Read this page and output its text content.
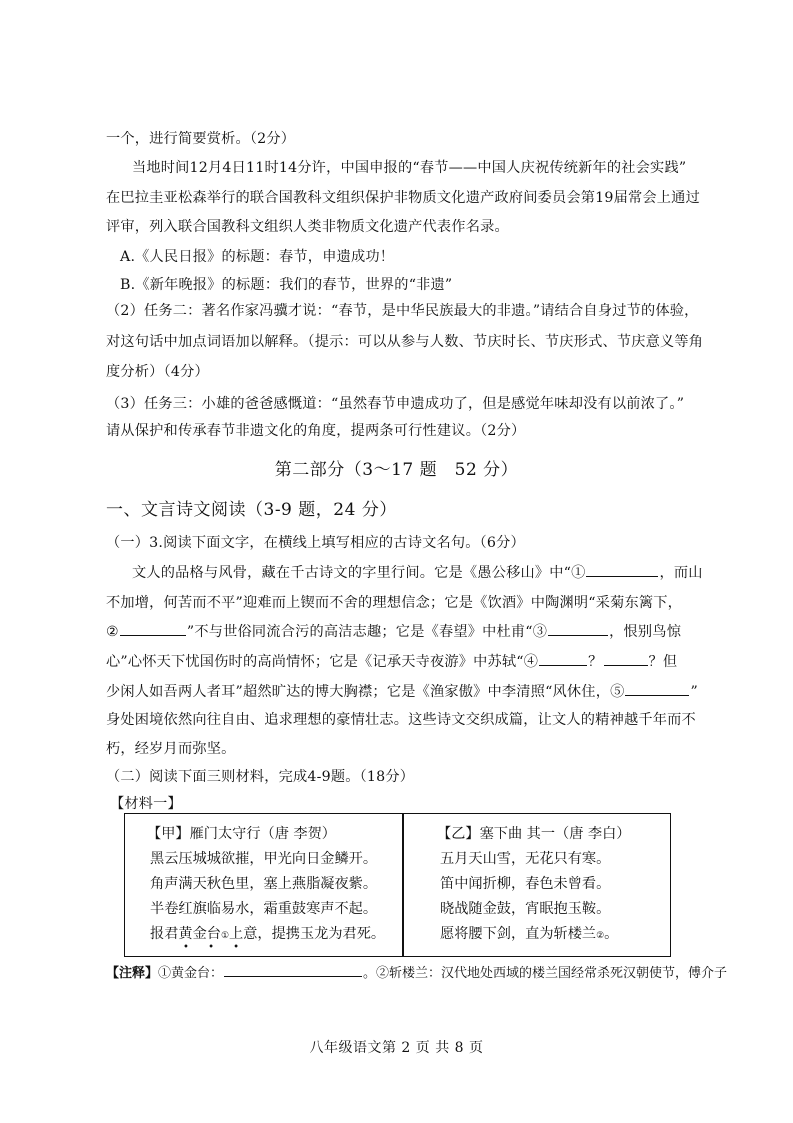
一个，进行简要赏析。（2分）
当地时间12月4日11时14分许，中国申报的“春节——中国人庆祝传统新年的社会实践”
在巴拉圭亚松森举行的联合国教科文组织保护非物质文化遗产政府间委员会第19届常会上通过
评审，列入联合国教科文组织人类非物质文化遗产代表作名录。
A.《人民日报》的标题：春节，申遗成功！
B.《新年晚报》的标题：我们的春节，世界的“非遗”
（2）任务二：著名作家冯骥才说：“春节，是中华民族最大的非遗。”请结合自身过节的体验，
对这句话中加点词语加以解释。（提示：可以从参与人数、节庆时长、节庆形式、节庆意义等角
度分析）（4分）
（3）任务三：小雄的爸爸感慨道：“虽然春节申遗成功了，但是感觉年味却没有以前浓了。”
请从保护和传承春节非遗文化的角度，提两条可行性建议。（2分）
第二部分（3～17 题　52 分）
一、文言诗文阅读（3-9 题，24 分）
（一）3.阅读下面文字，在横线上填写相应的古诗文名句。（6分）
文人的品格与风骨，藏在千古诗文的字里行间。它是《愚公移山》中“①	，而山
不加增，何苦而不平”迎难而上锲而不舍的理想信念；它是《饮酒》中陶渊明“采菊东篱下，
②	”不与世俗同流合污的高洁志趣；它是《春望》中杜甫“③	，恨别鸟惊
心”心怀天下忧国伤时的高尚情怀；它是《记承天寺夜游》中苏轼“④	？	？但
少闲人如吾两人者耳”超然旷达的博大胸襟；它是《渔家傲》中李清照“风休住，⑤	”
身处困境依然向往自由、追求理想的豪情壮志。这些诗文交织成篇，让文人的精神越千年而不
朽，经岁月而弥坚。
（二）阅读下面三则材料，完成4-9题。（18分）
【材料一】
【甲】雁门太守行（唐 李贺）
黑云压城城欲摧，甲光向日金鳞开。
角声满天秋色里，塞上燕脂凝夜紫。
半卷红旗临易水，霜重鼓寒声不起。
报君黄金台①上意，提携玉龙为君死。
【乙】塞下曲 其一（唐 李白）
五月天山雪，无花只有寒。
笛中闻折柳，春色未曾看。
晓战随金鼓，宵眠抱玉鞍。
愿将腰下剑，直为斩楼兰②。
• • •
【注释】①黄金台：	。②斩楼兰：汉代地处西域的楼兰国经常杀死汉朝使节，傅介子
八年级语文第 2 页 共 8 页
